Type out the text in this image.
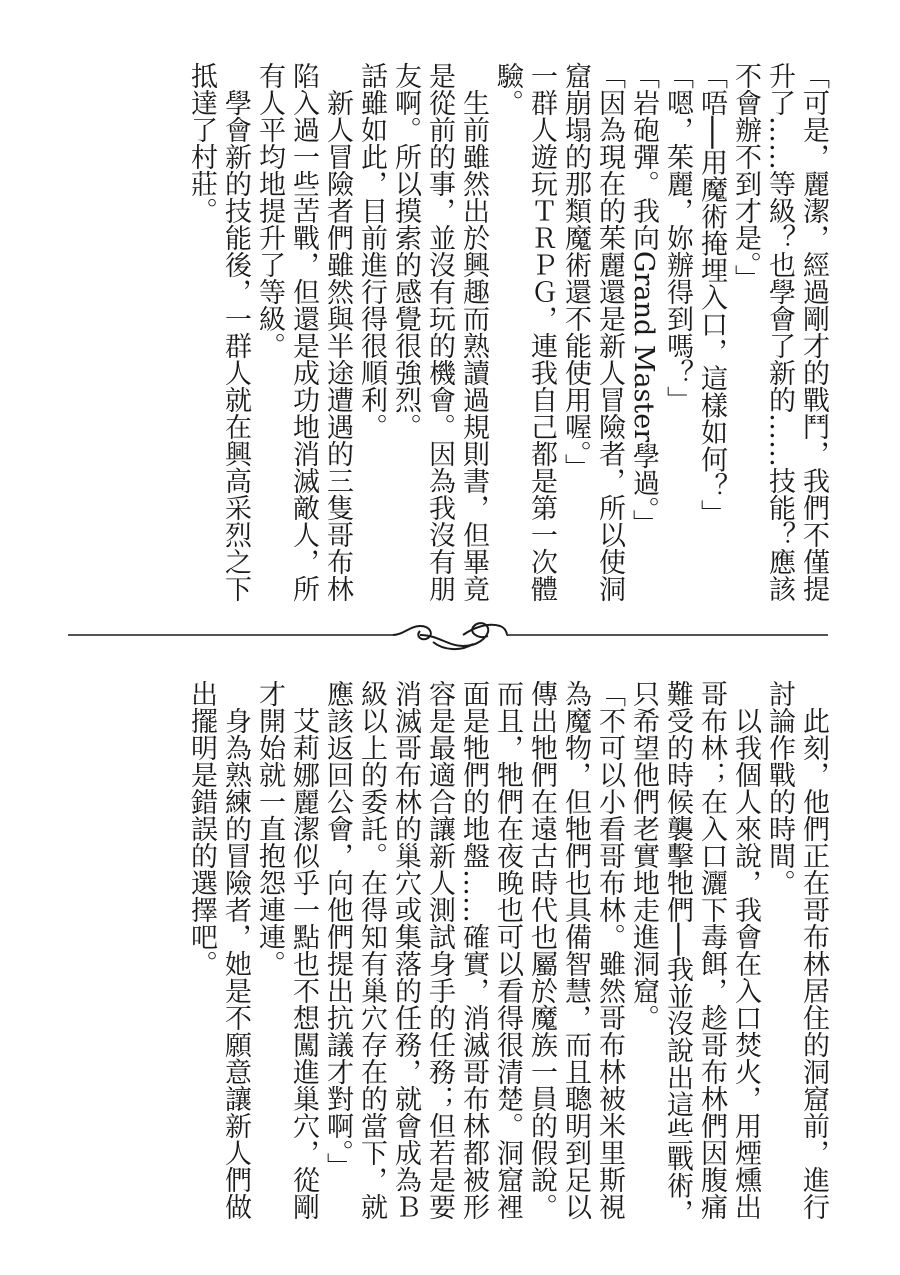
「可是，麗潔，經過剛才的戰鬥，我們不僅提升了……等級？也學會了新的……技能？應該不會辦不到才是。」

「唔──用魔術掩埋入口，這樣如何？」

「嗯，茱麗，妳辦得到嗎？」

「岩砲彈。我向Grand Master學過。」

「因為現在的茱麗還是新人冒險者，所以使洞窟崩塌的那類魔術還不能使用喔。」

一群人遊玩ＴＲＰＧ，連我自己都是第一次體驗。

　生前雖然出於興趣而熟讀過規則書，但畢竟是從前的事，並沒有玩的機會。因為我沒有朋友啊。所以摸索的感覺很強烈。

話雖如此，目前進行得很順利。

　新人冒險者們雖然與半途遭遇的三隻哥布林陷入過一些苦戰，但還是成功地消滅敵人，所有人平均地提升了等級。

　學會新的技能後，一群人就在興高采烈之下抵達了村莊。

　此刻，他們正在哥布林居住的洞窟前，進行討論作戰的時間。

　以我個人來說，我會在入口焚火，用煙燻出哥布林；在入口灑下毒餌，趁哥布林們因腹痛難受的時候襲擊牠們──我並沒說出這些戰術，只希望他們老實地走進洞窟。

「不可以小看哥布林。雖然哥布林被米里斯視為魔物，但牠們也具備智慧，而且聰明到足以傳出牠們在遠古時代也屬於魔族一員的假說。而且，牠們在夜晚也可以看得很清楚。洞窟裡面是牠們的地盤……確實，消滅哥布林都被形容是最適合讓新人測試身手的任務；但若是要消滅哥布林的巢穴或集落的任務，就會成為Ｂ級以上的委託。在得知有巢穴存在的當下，就應該返回公會，向他們提出抗議才對啊。」

　艾莉娜麗潔似乎一點也不想闖進巢穴，從剛才開始就一直抱怨連連。

　身為熟練的冒險者，她是不願意讓新人們做出擺明是錯誤的選擇吧。
